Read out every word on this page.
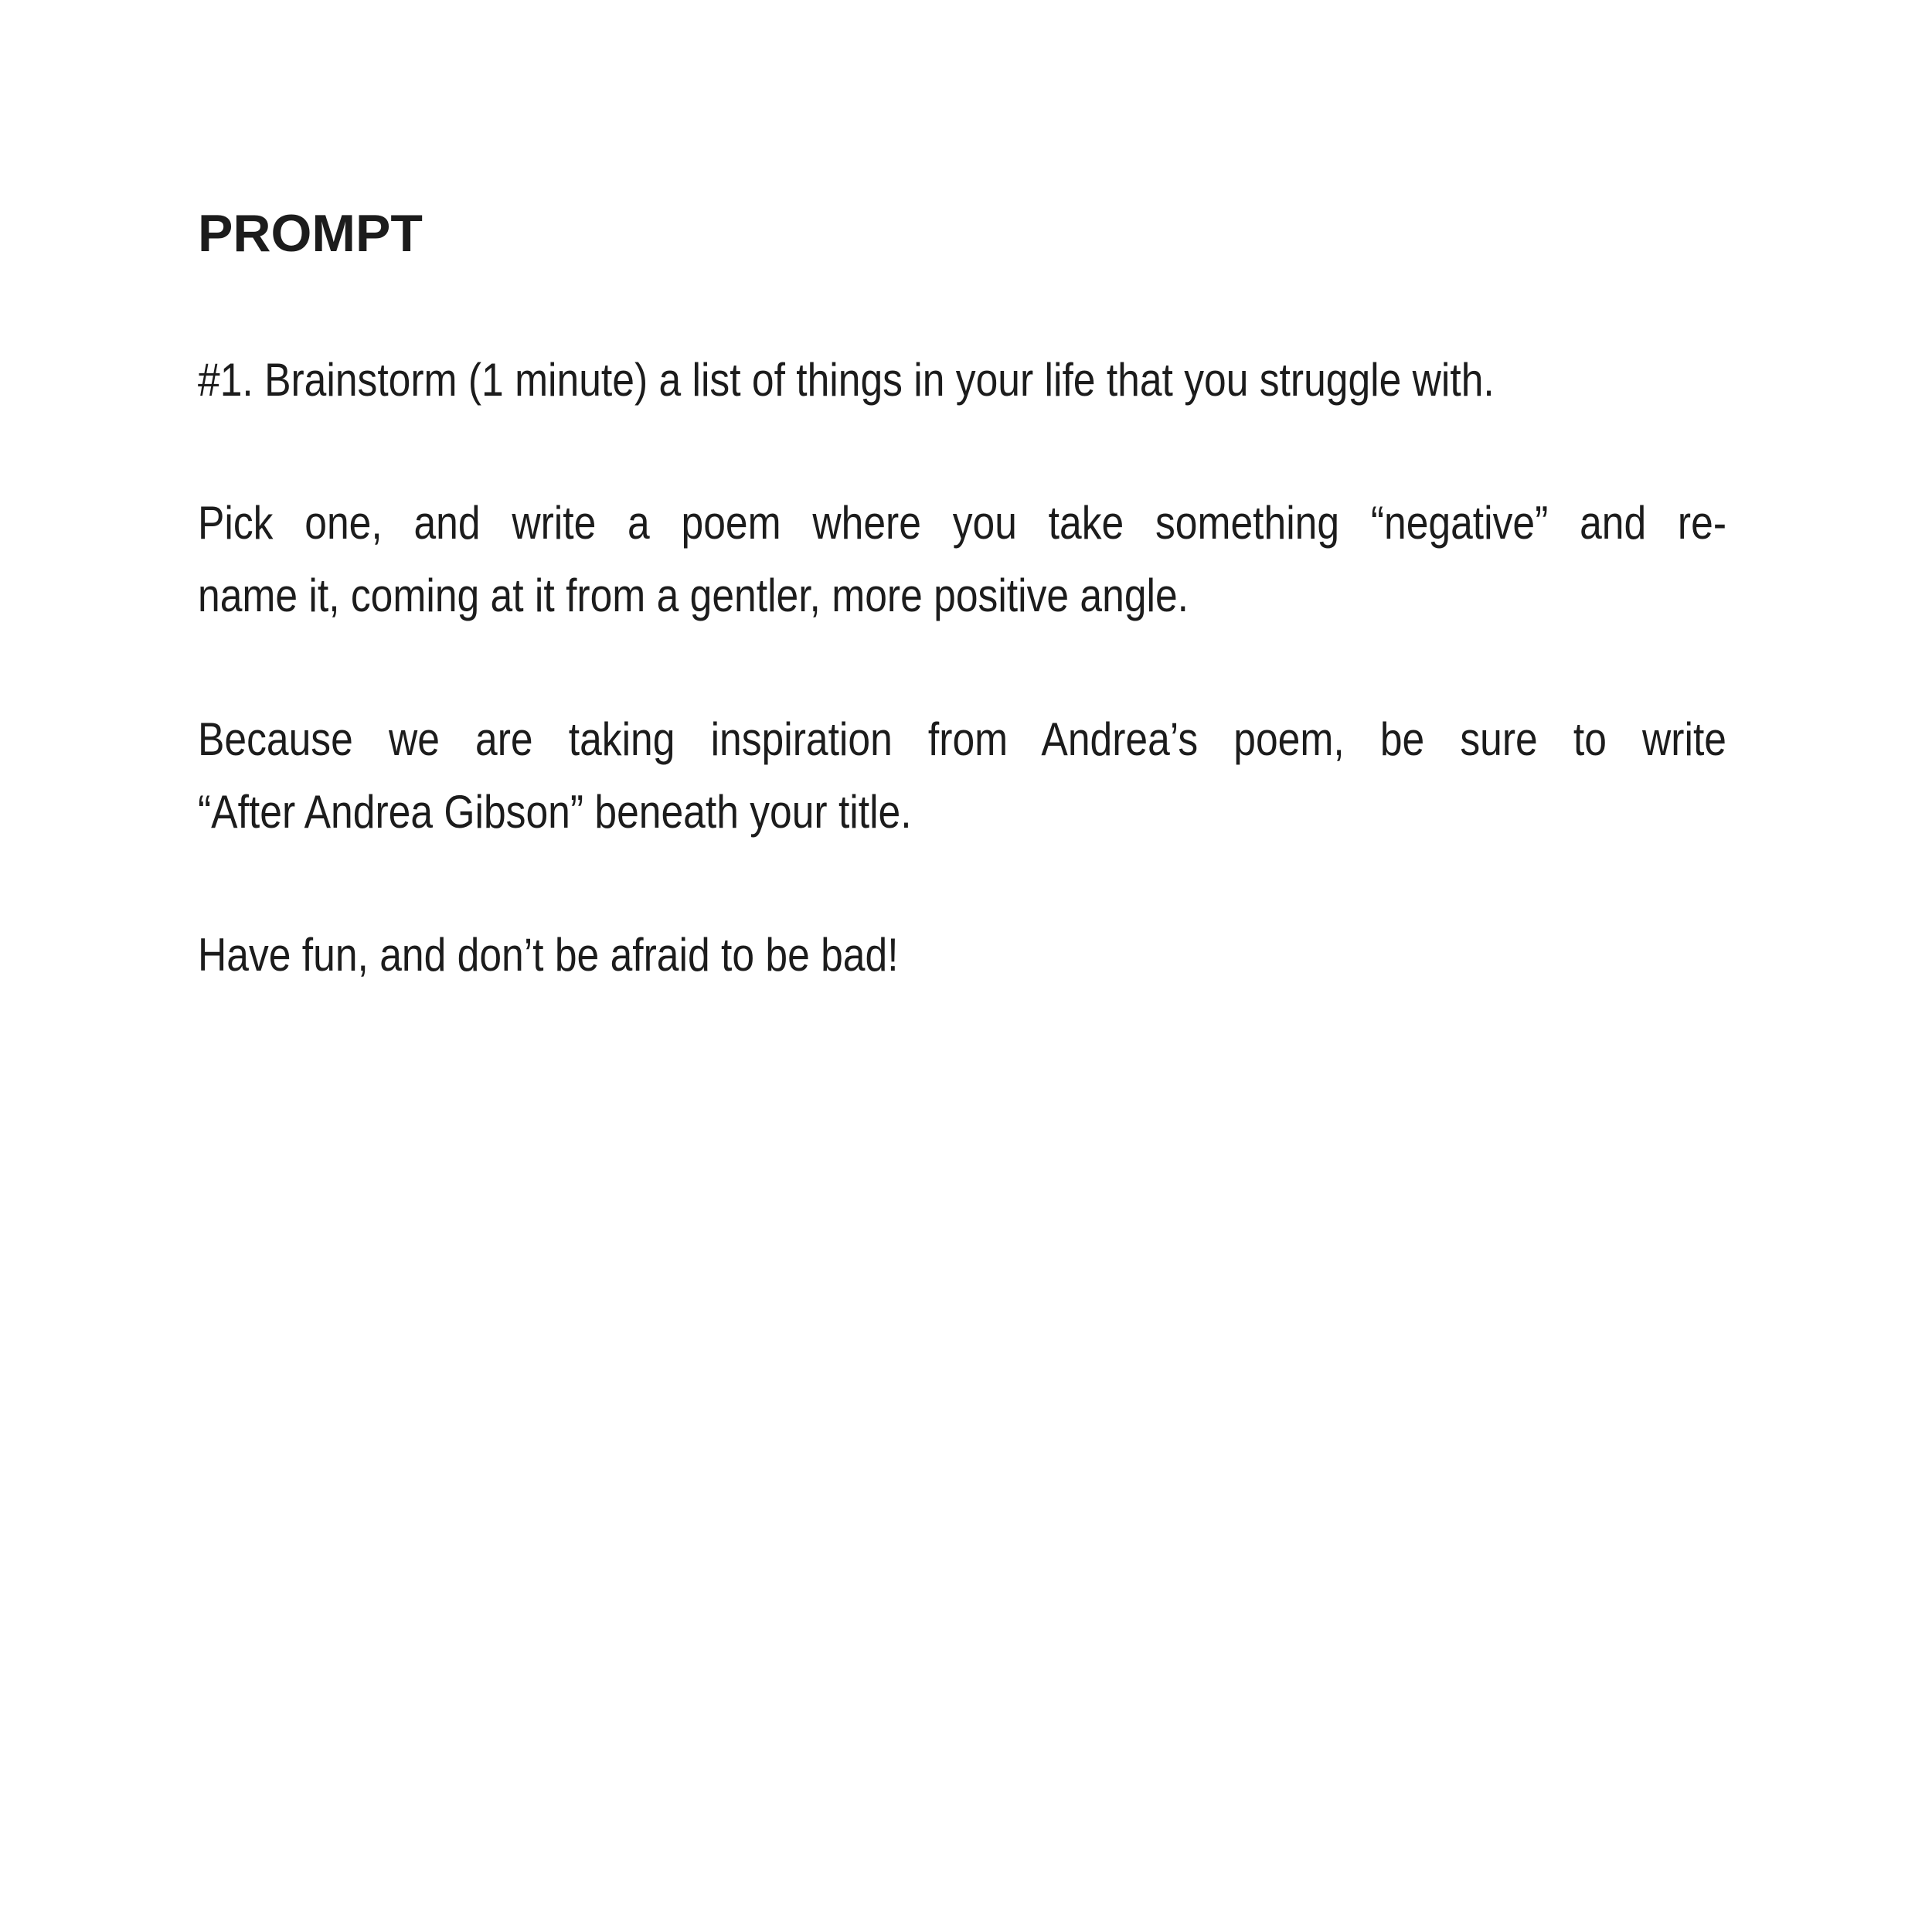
PROMPT

#1. Brainstorm (1 minute) a list of things in your life that you struggle with.

Pick one, and write a poem where you take something “negative” and re-
name it, coming at it from a gentler, more positive angle.

Because we are taking inspiration from Andrea’s poem, be sure to write
“After Andrea Gibson” beneath your title.

Have fun, and don’t be afraid to be bad!
